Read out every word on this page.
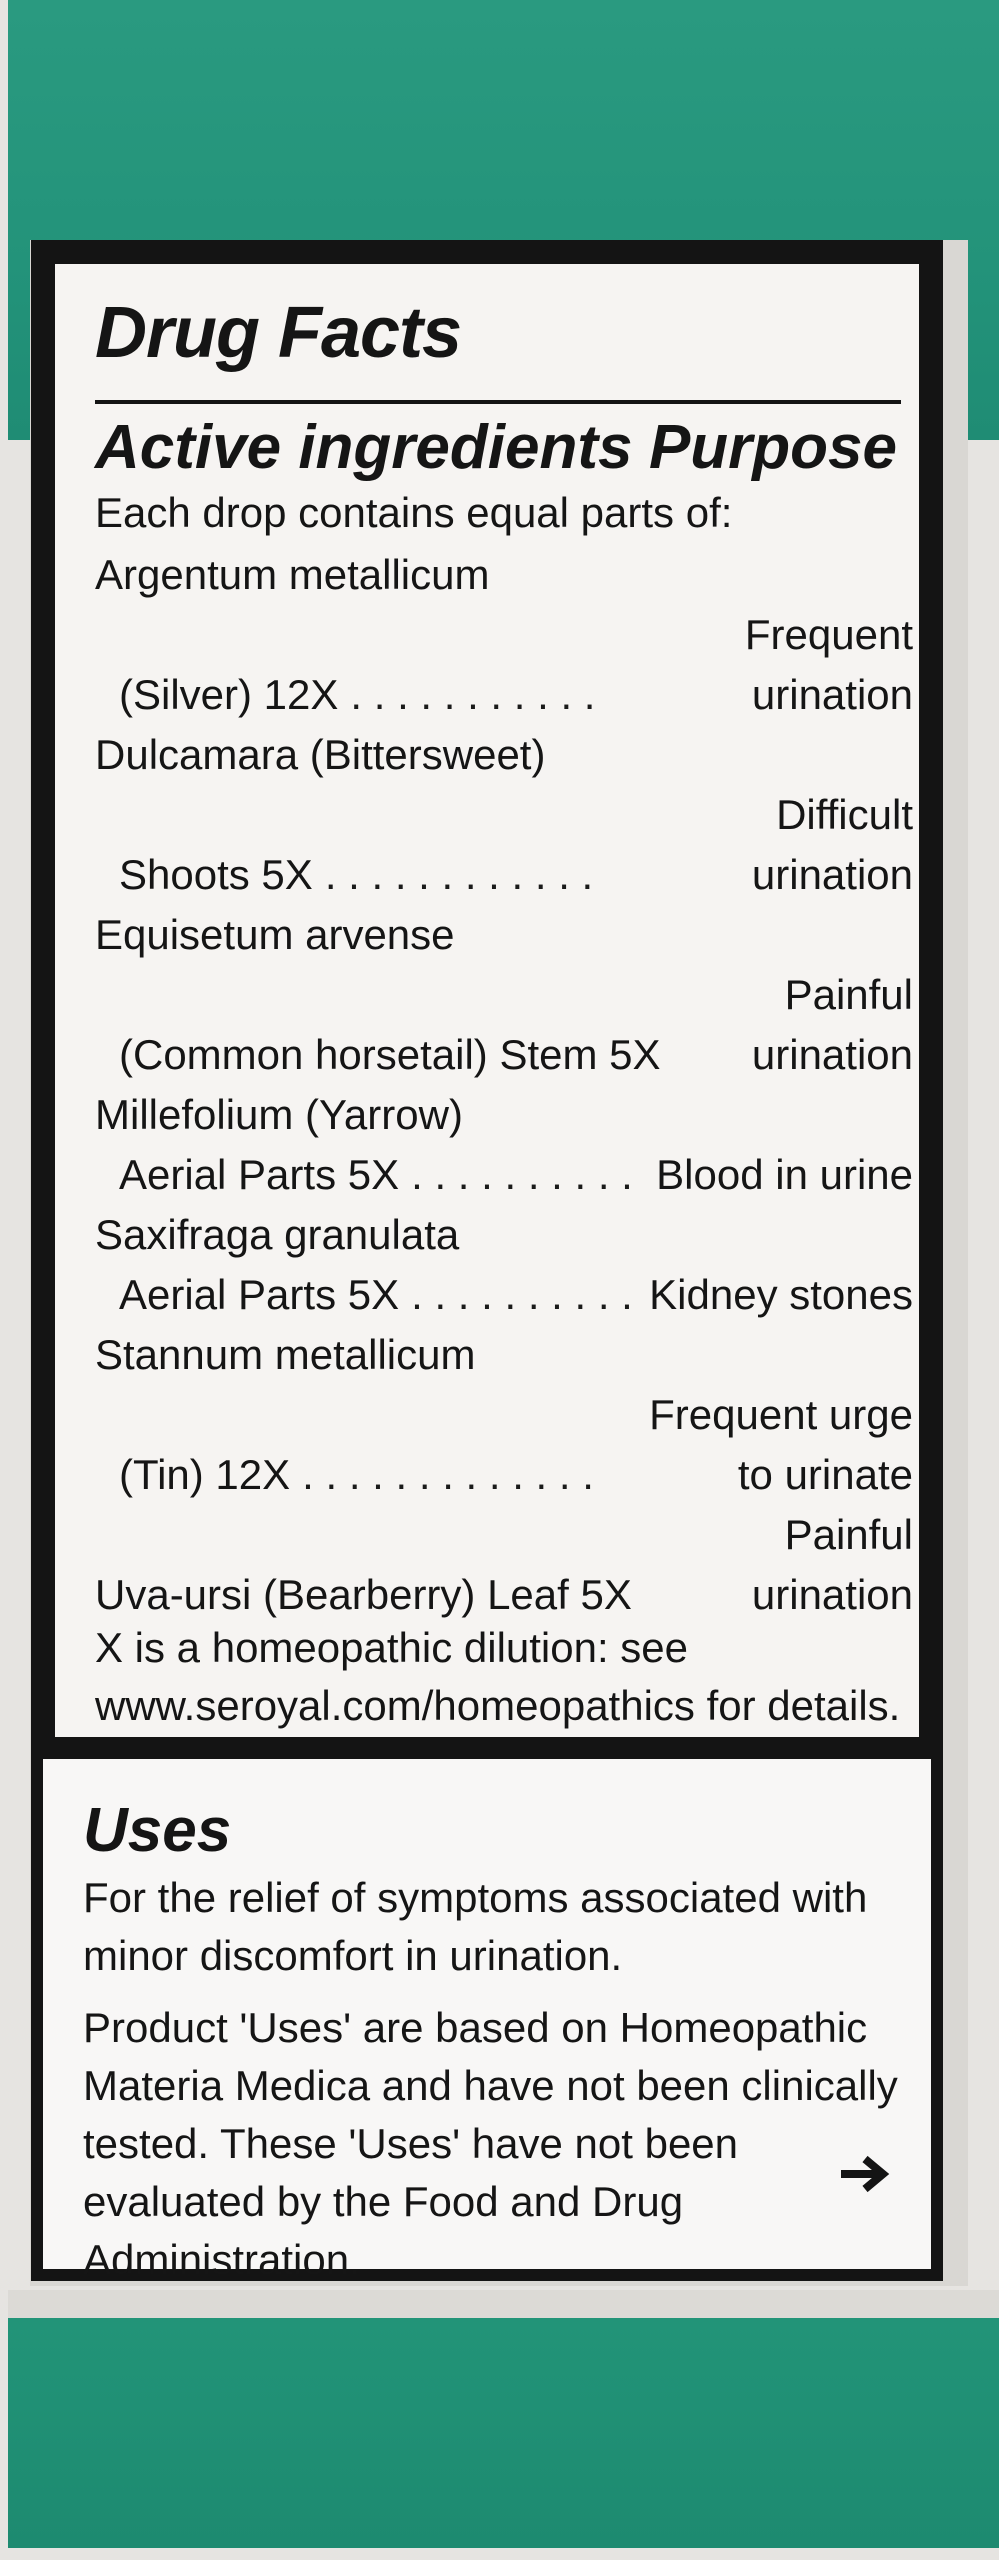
Drug Facts
Active ingredients Purpose
Each drop contains equal parts of:
Argentum metallicum
(Silver) 12X
. . .
Frequent urination
Dulcamara (Bittersweet)
Shoots 5X
. . .
Difficult urination
Equisetum arvense
(Common horsetail) Stem 5X
Painful urination
Millefolium (Yarrow)
Aerial Parts 5X . . .	Blood in urine
Saxifraga granulata
Aerial Parts 5X . . .	Kidney stones
Stannum metallicum
(Tin) 12X
. . .
Frequent urge to urinate
Uva-ursi (Bearberry) Leaf 5X
Painful urination
X is a homeopathic dilution: see www.seroyal.com/homeopathics for details.
Uses
For the relief of symptoms associated with minor discomfort in urination.
Product 'Uses' are based on Homeopathic Materia Medica and have not been clinically tested. These 'Uses' have not been evaluated by the Food and Drug Administration.
